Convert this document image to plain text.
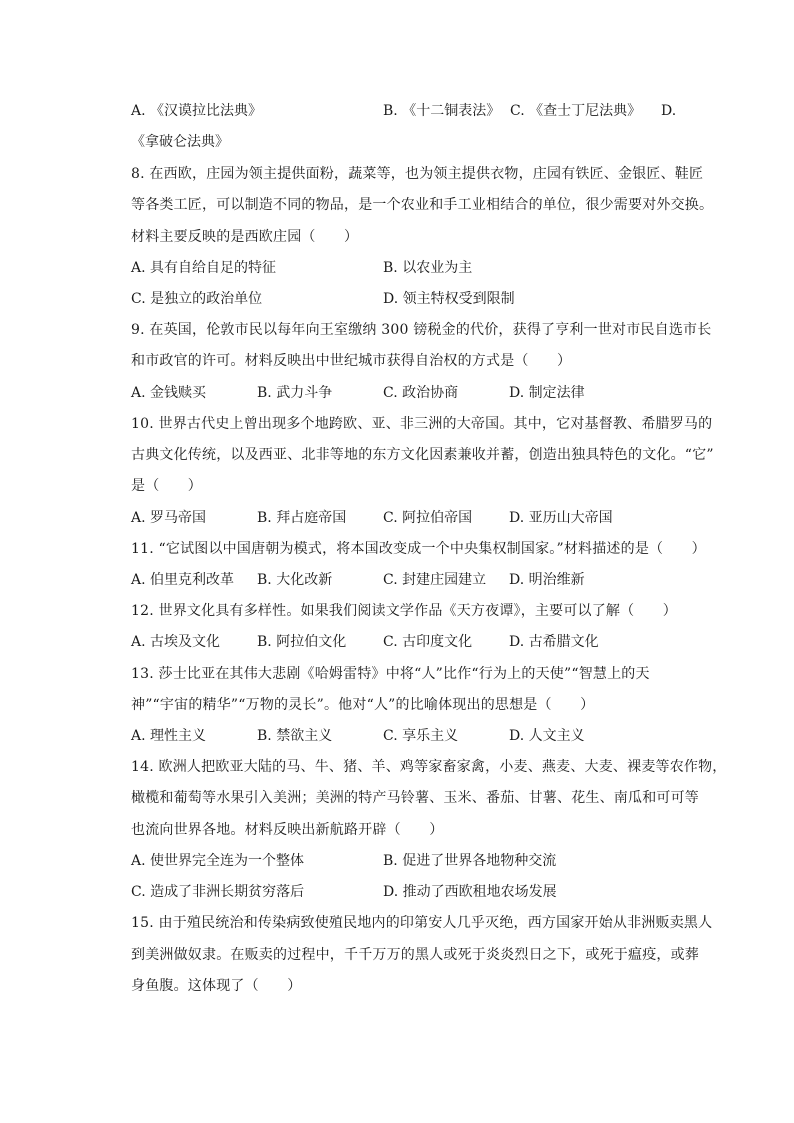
A. 《汉谟拉比法典》	B. 《十二铜表法》 C. 《查士丁尼法典》 D.
《拿破仑法典》
8. 在西欧，庄园为领主提供面粉，蔬菜等，也为领主提供衣物，庄园有铁匠、金银匠、鞋匠
等各类工匠，可以制造不同的物品，是一个农业和手工业相结合的单位，很少需要对外交换。
材料主要反映的是西欧庄园（　　）
A. 具有自给自足的特征	B. 以农业为主
C. 是独立的政治单位	D. 领主特权受到限制
9. 在英国，伦敦市民以每年向王室缴纳 300 镑税金的代价，获得了亨利一世对市民自选市长
和市政官的许可。材料反映出中世纪城市获得自治权的方式是（　　）
A. 金钱赎买	B. 武力斗争	C. 政治协商	D. 制定法律
10. 世界古代史上曾出现多个地跨欧、亚、非三洲的大帝国。其中，它对基督教、希腊罗马的
古典文化传统，以及西亚、北非等地的东方文化因素兼收并蓄，创造出独具特色的文化。“它”
是（　　）
A. 罗马帝国	B. 拜占庭帝国	C. 阿拉伯帝国	D. 亚历山大帝国
11. “它试图以中国唐朝为模式，将本国改变成一个中央集权制国家。”材料描述的是（　　）
A. 伯里克利改革 B. 大化改新	C. 封建庄园建立 D. 明治维新
12. 世界文化具有多样性。如果我们阅读文学作品《天方夜谭》，主要可以了解（　　）
A. 古埃及文化	B. 阿拉伯文化	C. 古印度文化	D. 古希腊文化
13. 莎士比亚在其伟大悲剧《哈姆雷特》中将“人”比作“行为上的天使”“智慧上的天
神”“宇宙的精华”“万物的灵长”。他对“人”的比喻体现出的思想是（　　）
A. 理性主义	B. 禁欲主义	C. 享乐主义	D. 人文主义
14. 欧洲人把欧亚大陆的马、牛、猪、羊、鸡等家畜家禽，小麦、燕麦、大麦、裸麦等农作物，
橄榄和葡萄等水果引入美洲；美洲的特产马铃薯、玉米、番茄、甘薯、花生、南瓜和可可等
也流向世界各地。材料反映出新航路开辟（　　）
A. 使世界完全连为一个整体	B. 促进了世界各地物种交流
C. 造成了非洲长期贫穷落后	D. 推动了西欧租地农场发展
15. 由于殖民统治和传染病致使殖民地内的印第安人几乎灭绝，西方国家开始从非洲贩卖黑人
到美洲做奴隶。在贩卖的过程中，千千万万的黑人或死于炎炎烈日之下，或死于瘟疫，或葬
身鱼腹。这体现了（　　）
